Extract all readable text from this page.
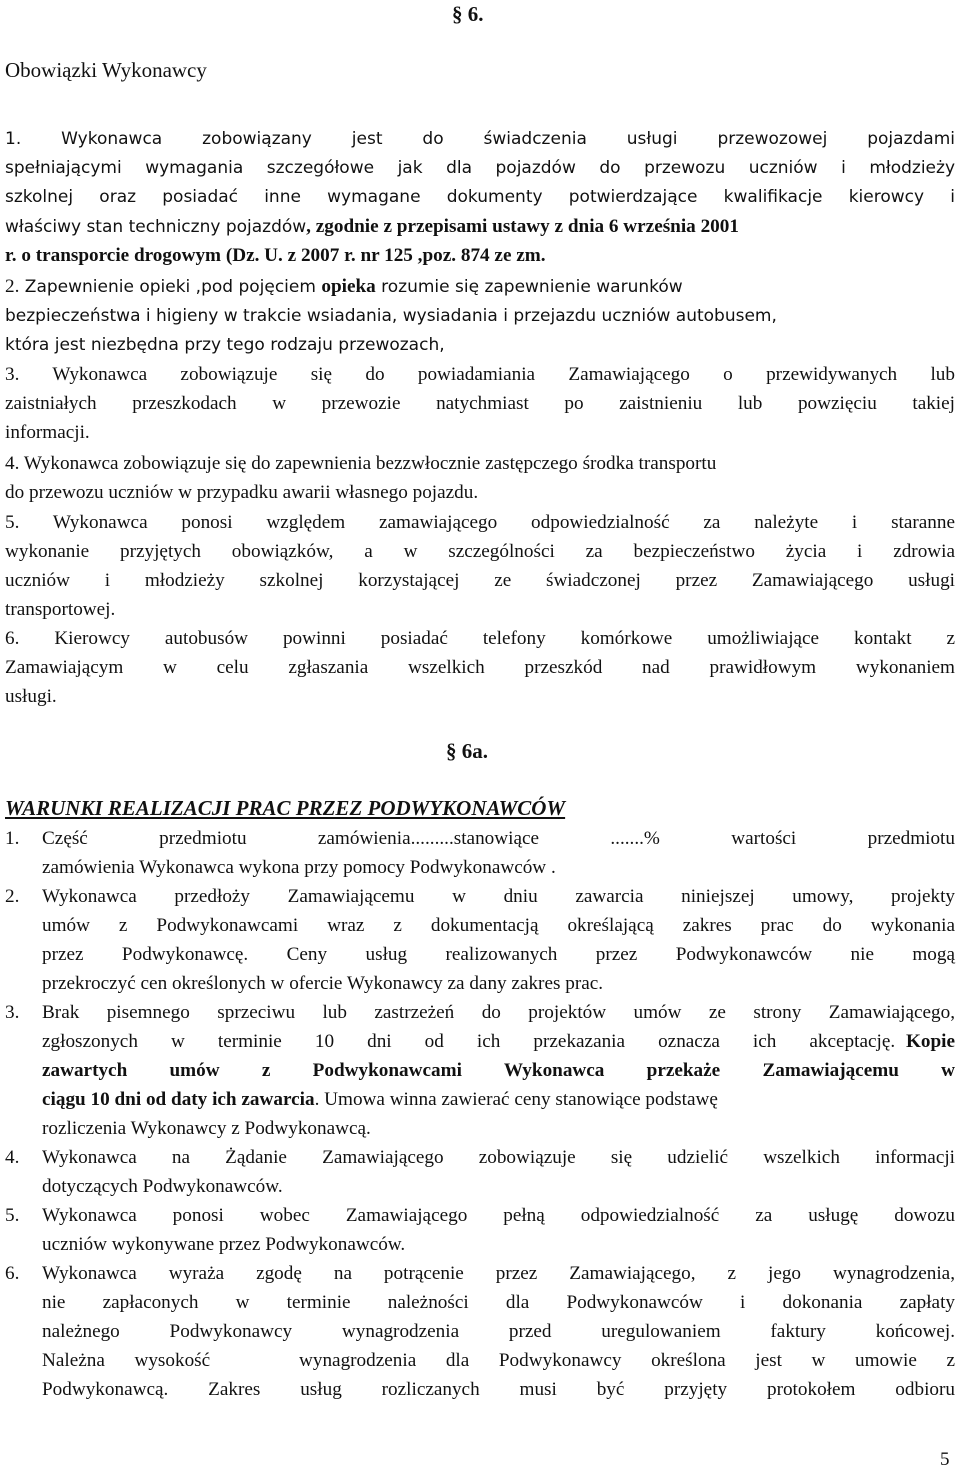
§ 6.
Obowiązki Wykonawcy
1. Wykonawca zobowiązany jest do świadczenia usługi przewozowej pojazdami
spełniającymi wymagania szczegółowe jak dla pojazdów do przewozu uczniów i młodzieży
szkolnej oraz posiadać inne wymagane dokumenty potwierdzające kwalifikacje kierowcy i
właściwy stan techniczny pojazdów, zgodnie z przepisami ustawy z dnia 6 września 2001
r. o transporcie drogowym (Dz. U. z 2007 r. nr 125 ,poz. 874 ze zm.
2. Zapewnienie opieki ,pod pojęciem opieka rozumie się zapewnienie warunków
bezpieczeństwa i higieny w trakcie wsiadania, wysiadania i przejazdu uczniów autobusem,
która jest niezbędna przy tego rodzaju przewozach,
3. Wykonawca zobowiązuje się do powiadamiania Zamawiającego o przewidywanych lub
zaistniałych przeszkodach w przewozie natychmiast po zaistnieniu lub powzięciu takiej
informacji.
4. Wykonawca zobowiązuje się do zapewnienia bezzwłocznie zastępczego środka transportu
do przewozu uczniów w przypadku awarii własnego pojazdu.
5. Wykonawca ponosi względem zamawiającego odpowiedzialność za należyte i staranne
wykonanie przyjętych obowiązków, a w szczególności za bezpieczeństwo życia i zdrowia
uczniów i młodzieży szkolnej korzystającej ze świadczonej przez Zamawiającego usługi
transportowej.
6. Kierowcy autobusów powinni posiadać telefony komórkowe umożliwiające kontakt z
Zamawiającym w celu zgłaszania wszelkich przeszkód nad prawidłowym wykonaniem
usługi.
§ 6a.
WARUNKI REALIZACJI PRAC PRZEZ PODWYKONAWCÓW
1. Część przedmiotu zamówienia.........stanowiące .......% wartości przedmiotu
zamówienia Wykonawca wykona przy pomocy Podwykonawców .
2. Wykonawca przedłoży Zamawiającemu w dniu zawarcia niniejszej umowy, projekty
umów z Podwykonawcami wraz z dokumentacją określającą zakres prac do wykonania
przez Podwykonawcę. Ceny usług realizowanych przez Podwykonawców nie mogą
przekroczyć cen określonych w ofercie Wykonawcy za dany zakres prac.
3. Brak pisemnego sprzeciwu lub zastrzeżeń do projektów umów ze strony Zamawiającego,
zgłoszonych w terminie 10 dni od ich przekazania oznacza ich akceptację. Kopie
zawartych umów z Podwykonawcami Wykonawca przekaże Zamawiającemu w
ciągu 10 dni od daty ich zawarcia. Umowa winna zawierać ceny stanowiące podstawę
rozliczenia Wykonawcy z Podwykonawcą.
4. Wykonawca na Żądanie Zamawiającego zobowiązuje się udzielić wszelkich informacji
dotyczących Podwykonawców.
5. Wykonawca ponosi wobec Zamawiającego pełną odpowiedzialność za usługę dowozu
uczniów wykonywane przez Podwykonawców.
6. Wykonawca wyraża zgodę na potrącenie przez Zamawiającego, z jego wynagrodzenia,
nie zapłaconych w terminie należności dla Podwykonawców i dokonania zapłaty
należnego Podwykonawcy wynagrodzenia przed uregulowaniem faktury końcowej.
Należna wysokość   wynagrodzenia dla Podwykonawcy określona jest w umowie z
Podwykonawcą. Zakres usług rozliczanych musi być przyjęty protokołem odbioru
5
